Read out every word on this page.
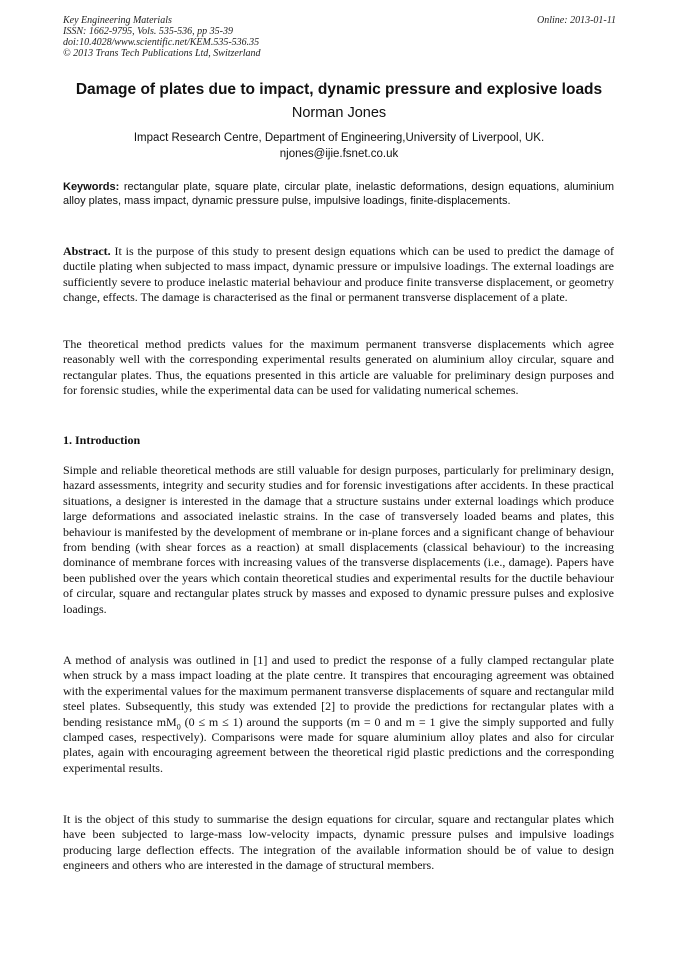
Key Engineering Materials
ISSN: 1662-9795, Vols. 535-536, pp 35-39
doi:10.4028/www.scientific.net/KEM.535-536.35
© 2013 Trans Tech Publications Ltd, Switzerland
Online: 2013-01-11
Damage of plates due to impact, dynamic pressure and explosive loads
Norman Jones
Impact Research Centre, Department of Engineering,University of Liverpool, UK.
njones@ijie.fsnet.co.uk
Keywords: rectangular plate, square plate, circular plate, inelastic deformations, design equations, aluminium alloy plates, mass impact, dynamic pressure pulse, impulsive loadings, finite-displacements.
Abstract. It is the purpose of this study to present design equations which can be used to predict the damage of ductile plating when subjected to mass impact, dynamic pressure or impulsive loadings. The external loadings are sufficiently severe to produce inelastic material behaviour and produce finite transverse displacement, or geometry change, effects. The damage is characterised as the final or permanent transverse displacement of a plate.
The theoretical method predicts values for the maximum permanent transverse displacements which agree reasonably well with the corresponding experimental results generated on aluminium alloy circular, square and rectangular plates. Thus, the equations presented in this article are valuable for preliminary design purposes and for forensic studies, while the experimental data can be used for validating numerical schemes.
1. Introduction
Simple and reliable theoretical methods are still valuable for design purposes, particularly for preliminary design, hazard assessments, integrity and security studies and for forensic investigations after accidents. In these practical situations, a designer is interested in the damage that a structure sustains under external loadings which produce large deformations and associated inelastic strains. In the case of transversely loaded beams and plates, this behaviour is manifested by the development of membrane or in-plane forces and a significant change of behaviour from bending (with shear forces as a reaction) at small displacements (classical behaviour) to the increasing dominance of membrane forces with increasing values of the transverse displacements (i.e., damage). Papers have been published over the years which contain theoretical studies and experimental results for the ductile behaviour of circular, square and rectangular plates struck by masses and exposed to dynamic pressure pulses and explosive loadings.
A method of analysis was outlined in [1] and used to predict the response of a fully clamped rectangular plate when struck by a mass impact loading at the plate centre. It transpires that encouraging agreement was obtained with the experimental values for the maximum permanent transverse displacements of square and rectangular mild steel plates. Subsequently, this study was extended [2] to provide the predictions for rectangular plates with a bending resistance $mM_0$ (0 ≤ m ≤ 1) around the supports (m = 0 and m = 1 give the simply supported and fully clamped cases, respectively). Comparisons were made for square aluminium alloy plates and also for circular plates, again with encouraging agreement between the theoretical rigid plastic predictions and the corresponding experimental results.
It is the object of this study to summarise the design equations for circular, square and rectangular plates which have been subjected to large-mass low-velocity impacts, dynamic pressure pulses and impulsive loadings producing large deflection effects. The integration of the available information should be of value to design engineers and others who are interested in the damage of structural members.
